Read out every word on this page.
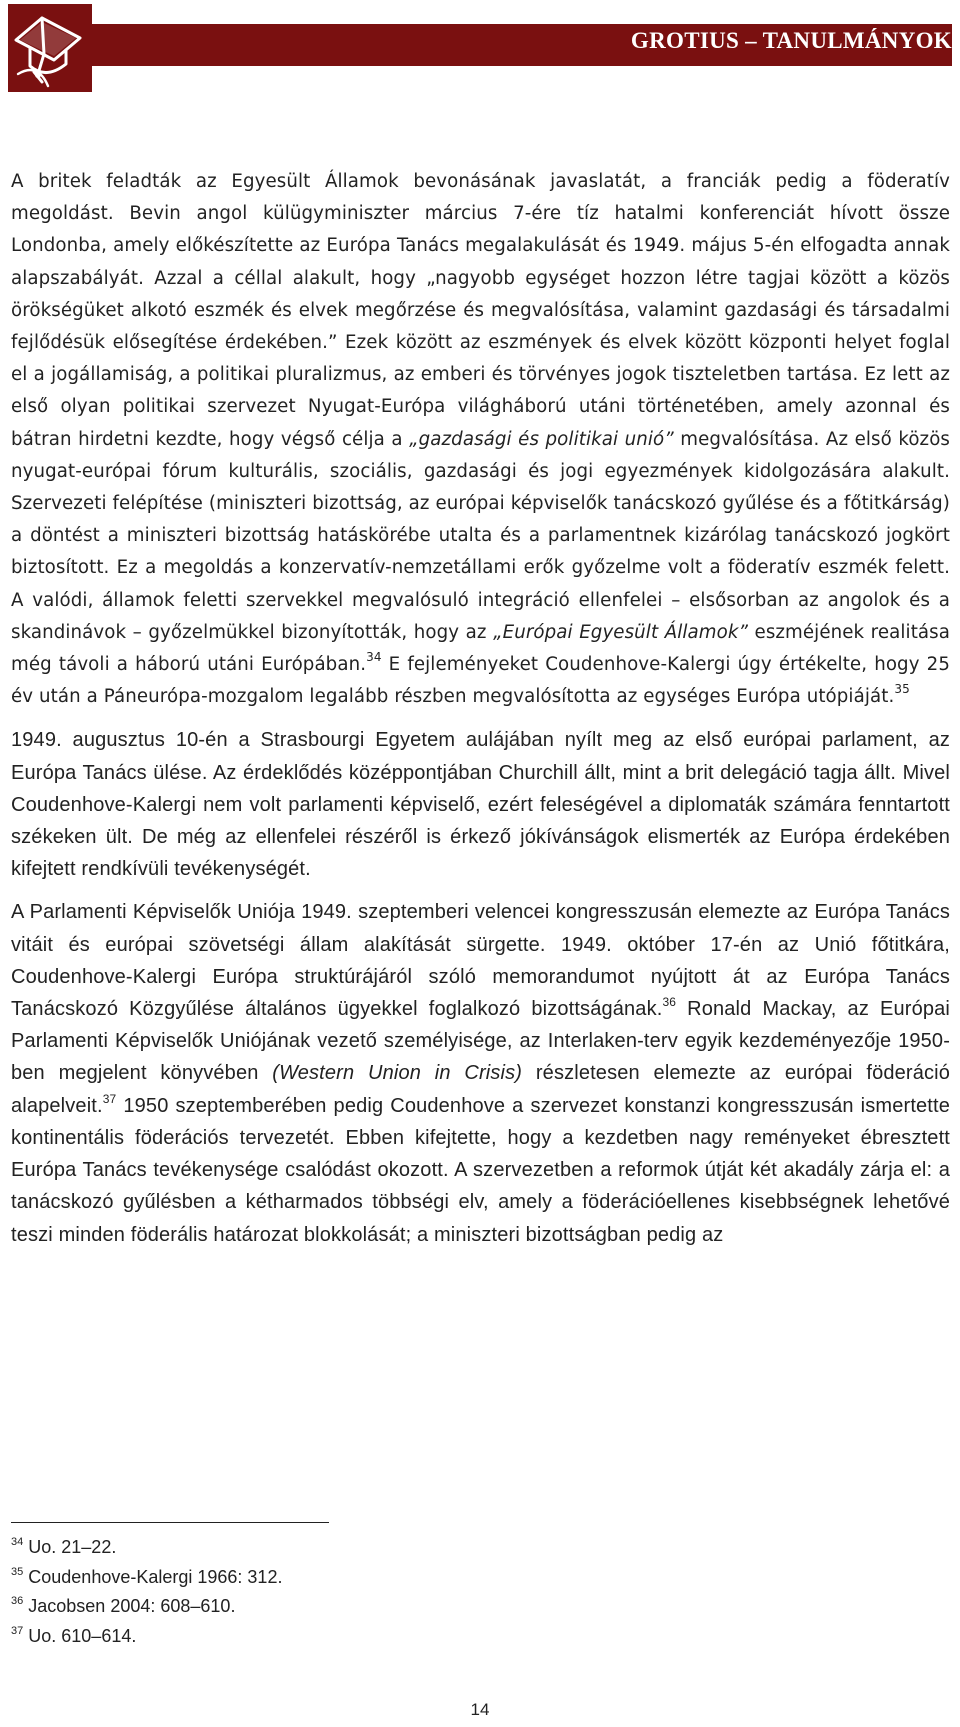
GROTIUS – TANULMÁNYOK

A britek feladták az Egyesült Államok bevonásának javaslatát, a franciák pedig a föderatív megoldást. Bevin angol külügyminiszter március 7-ére tíz hatalmi konferenciát hívott össze Londonba, amely előkészítette az Európa Tanács megalakulását és 1949. május 5-én elfogadta annak alapszabályát. Azzal a céllal alakult, hogy „nagyobb egységet hozzon létre tagjai között a közös örökségüket alkotó eszmék és elvek megőrzése és megvalósítása, valamint gazdasági és társadalmi fejlődésük elősegítése érdekében.” Ezek között az eszmények és elvek között központi helyet foglal el a jogállamiság, a politikai pluralizmus, az emberi és törvényes jogok tiszteletben tartása. Ez lett az első olyan politikai szervezet Nyugat-Európa világháború utáni történetében, amely azonnal és bátran hirdetni kezdte, hogy végső célja a „gazdasági és politikai unió” megvalósítása. Az első közös nyugat-európai fórum kulturális, szociális, gazdasági és jogi egyezmények kidolgozására alakult. Szervezeti felépítése (miniszteri bizottság, az európai képviselők tanácskozó gyűlése és a főtitkárság) a döntést a miniszteri bizottság hatáskörébe utalta és a parlamentnek kizárólag tanácskozó jogkört biztosított. Ez a megoldás a konzervatív-nemzetállami erők győzelme volt a föderatív eszmék felett. A valódi, államok feletti szervekkel megvalósuló integráció ellenfelei – elsősorban az angolok és a skandinávok – győzelmükkel bizonyították, hogy az „Európai Egyesült Államok” eszméjének realitása még távoli a háború utáni Európában.$^{34}$ E fejleményeket Coudenhove-Kalergi úgy értékelte, hogy 25 év után a Páneurópa-mozgalom legalább részben megvalósította az egységes Európa utópiáját.$^{35}$

1949. augusztus 10-én a Strasbourgi Egyetem aulájában nyílt meg az első európai parlament, az Európa Tanács ülése. Az érdeklődés középpontjában Churchill állt, mint a brit delegáció tagja állt. Mivel Coudenhove-Kalergi nem volt parlamenti képviselő, ezért feleségével a diplomaták számára fenntartott székeken ült. De még az ellenfelei részéről is érkező jókívánságok elismerték az Európa érdekében kifejtett rendkívüli tevékenységét.

A Parlamenti Képviselők Uniója 1949. szeptemberi velencei kongresszusán elemezte az Európa Tanács vitáit és európai szövetségi állam alakítását sürgette. 1949. október 17-én az Unió főtitkára, Coudenhove-Kalergi Európa struktúrájáról szóló memorandumot nyújtott át az Európa Tanács Tanácskozó Közgyűlése általános ügyekkel foglalkozó bizottságának.$^{36}$ Ronald Mackay, az Európai Parlamenti Képviselők Uniójának vezető személyisége, az Interlaken-terv egyik kezdeményezője 1950-ben megjelent könyvében (Western Union in Crisis) részletesen elemezte az európai föderáció alapelveit.$^{37}$ 1950 szeptemberében pedig Coudenhove a szervezet konstanzi kongresszusán ismertette kontinentális föderációs tervezetét. Ebben kifejtette, hogy a kezdetben nagy reményeket ébresztett Európa Tanács tevékenysége csalódást okozott. A szervezetben a reformok útját két akadály zárja el: a tanácskozó gyűlésben a kétharmados többségi elv, amely a föderációellenes kisebbségnek lehetővé teszi minden föderális határozat blokkolását; a miniszteri bizottságban pedig az

$^{34}$ Uo. 21–22.
$^{35}$ Coudenhove-Kalergi 1966: 312.
$^{36}$ Jacobsen 2004: 608–610.
$^{37}$ Uo. 610–614.
14
